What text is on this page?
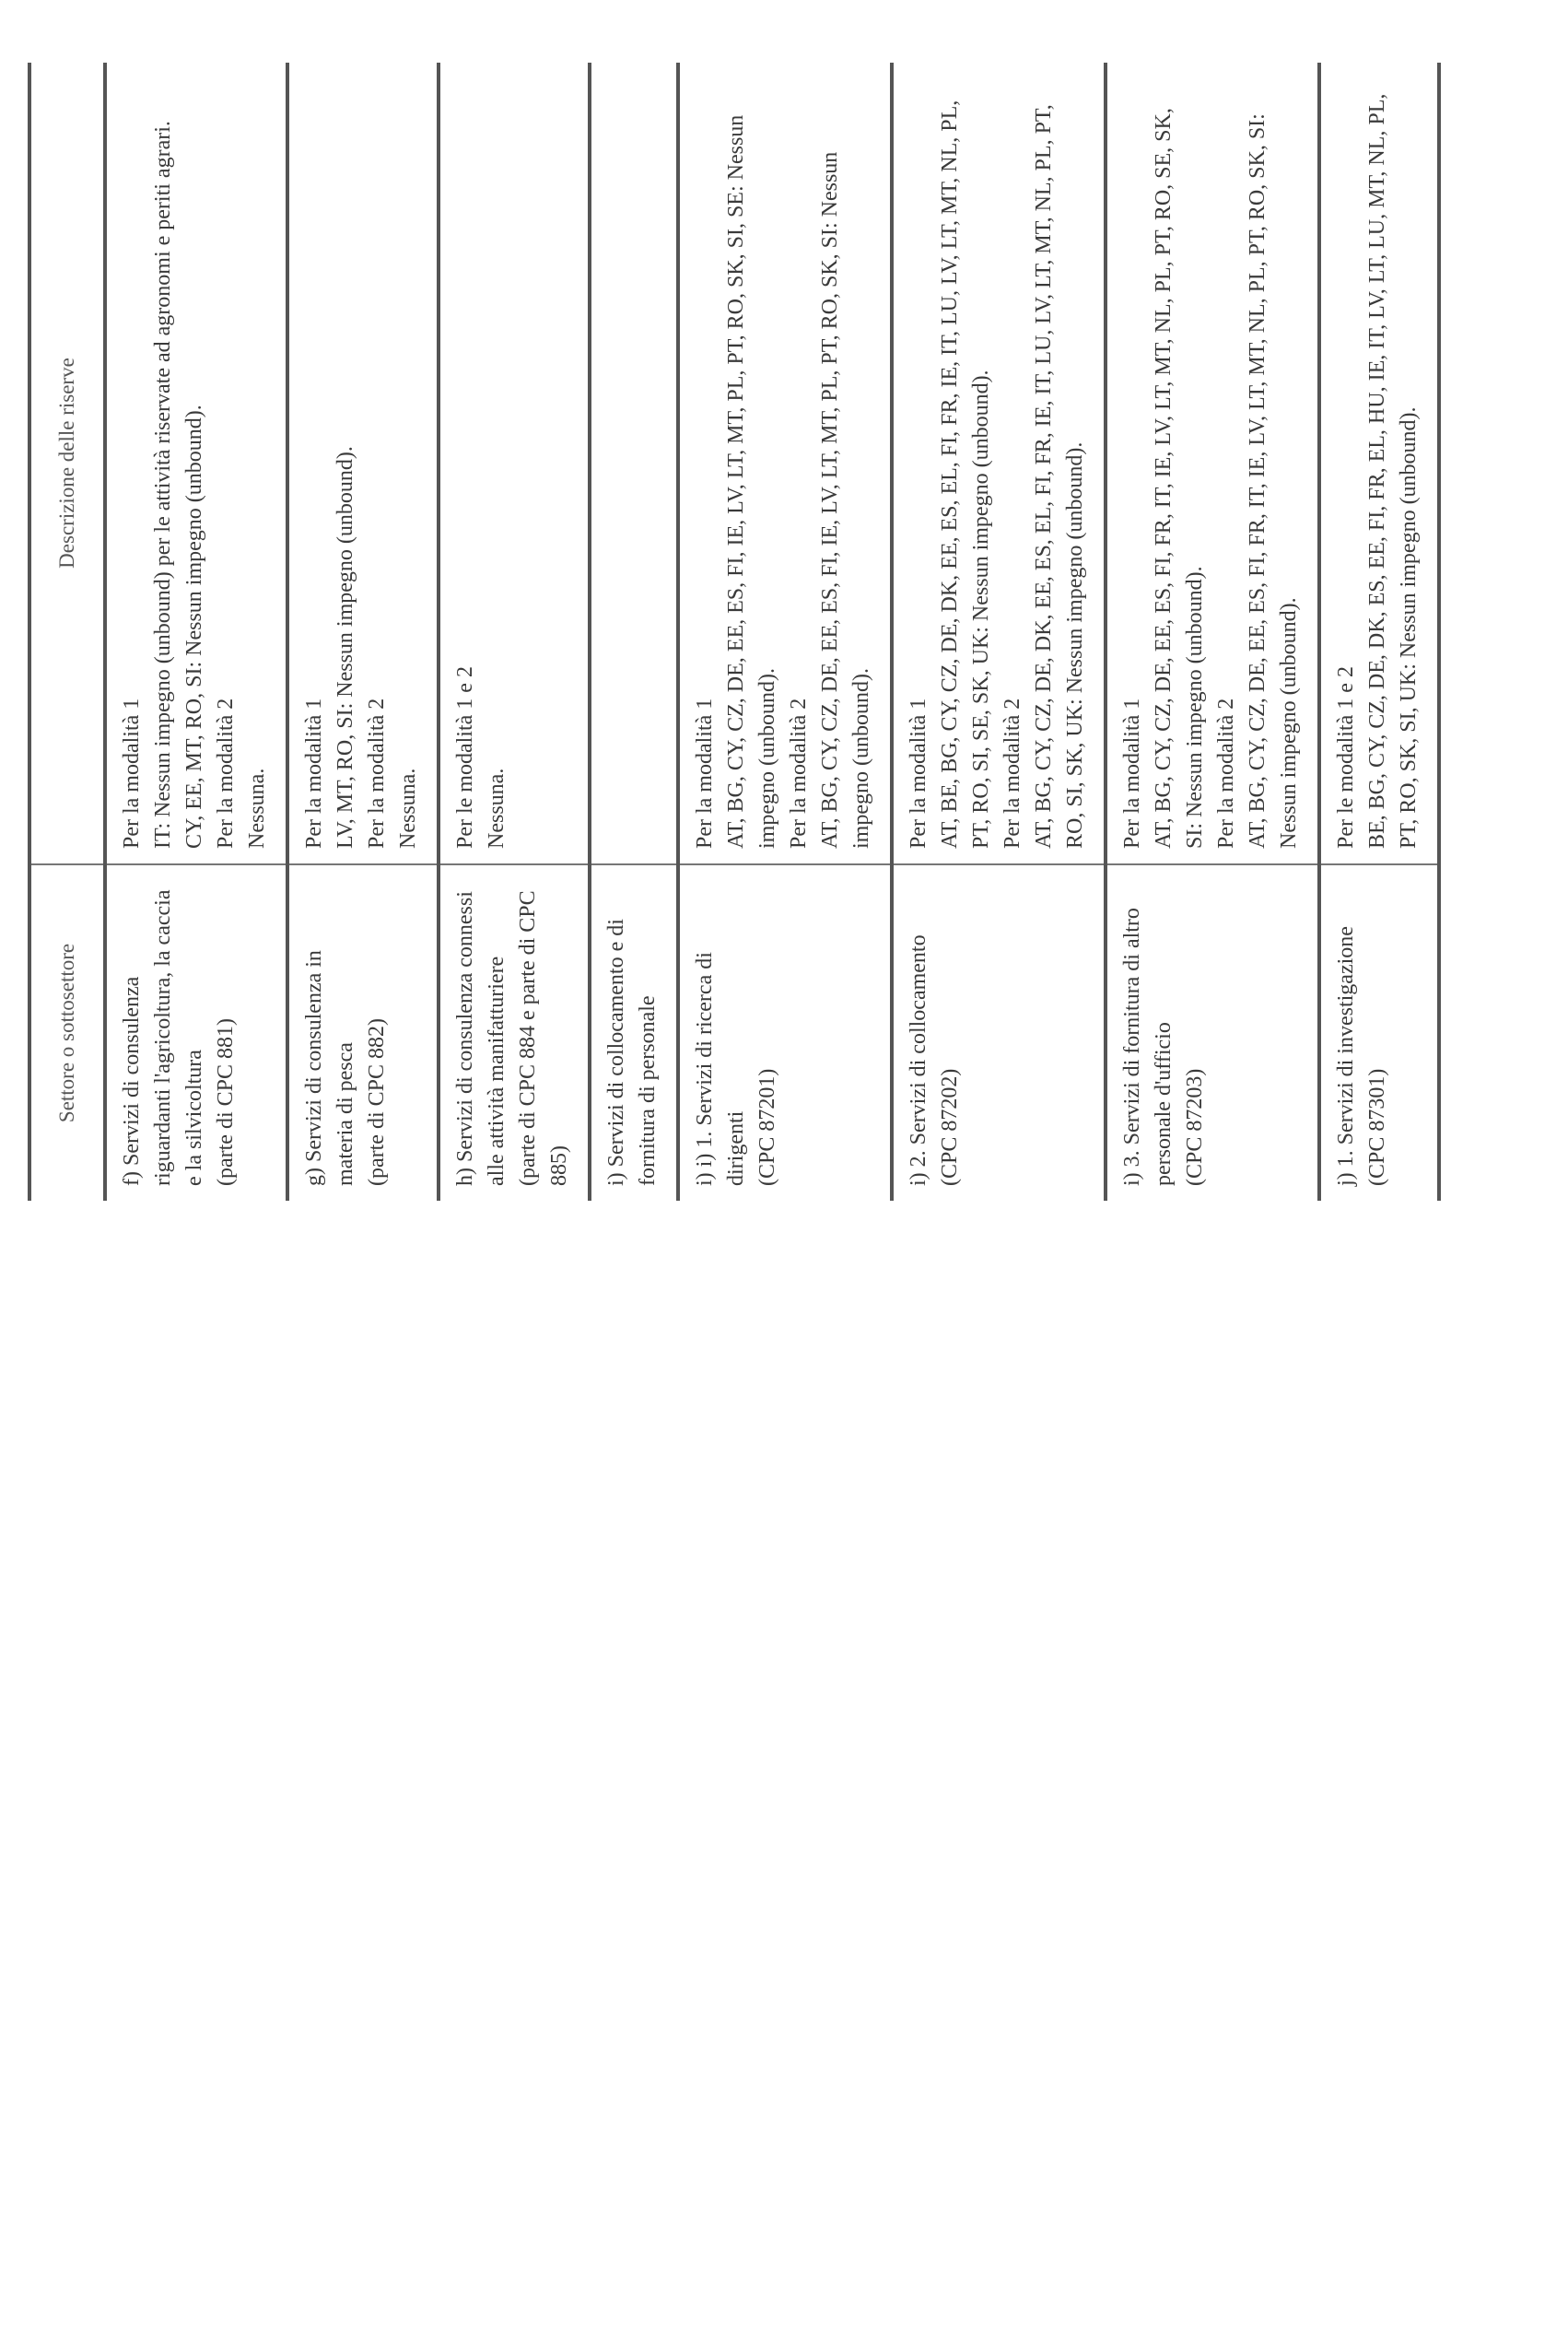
Settore o sottosettore	Descrizione delle riserve

f) Servizi di consulenza riguardanti l'agricoltura, la caccia e la silvicoltura (parte di CPC 881)	Per la modalità 1 IT: Nessun impegno (unbound) per le attività riservate ad agronomi e periti agrari. CY, EE, MT, RO, SI: Nessun impegno (unbound). Per la modalità 2 Nessuna.

g) Servizi di consulenza in materia di pesca (parte di CPC 882)	Per la modalità 1 LV, MT, RO, SI: Nessun impegno (unbound). Per la modalità 2 Nessuna.

h) Servizi di consulenza connessi alle attività manifatturiere (parte di CPC 884 e parte di CPC 885)	Per le modalità 1 e 2 Nessuna.

i) Servizi di collocamento e di fornitura di personale	

i) i) 1. Servizi di ricerca di dirigenti (CPC 87201)	Per la modalità 1 AT, BG, CY, CZ, DE, EE, ES, FI, IE, LV, LT, MT, PL, PT, RO, SK, SI, SE: Nessun impegno (unbound). Per la modalità 2 AT, BG, CY, CZ, DE, EE, ES, FI, IE, LV, LT, MT, PL, PT, RO, SK, SI: Nessun impegno (unbound).

i) 2. Servizi di collocamento (CPC 87202)	Per la modalità 1 AT, BE, BG, CY, CZ, DE, DK, EE, ES, EL, FI, FR, IE, IT, LU, LV, LT, MT, NL, PL, PT, RO, SI, SE, SK, UK: Nessun impegno (unbound). Per la modalità 2 AT, BG, CY, CZ, DE, DK, EE, ES, EL, FI, FR, IE, IT, LU, LV, LT, MT, NL, PL, PT, RO, SI, SK, UK: Nessun impegno (unbound).

i) 3. Servizi di fornitura di altro personale d'ufficio (CPC 87203)	Per la modalità 1 AT, BG, CY, CZ, DE, EE, ES, FI, FR, IT, IE, LV, LT, MT, NL, PL, PT, RO, SE, SK, SI: Nessun impegno (unbound). Per la modalità 2 AT, BG, CY, CZ, DE, EE, ES, FI, FR, IT, IE, LV, LT, MT, NL, PL, PT, RO, SK, SI: Nessun impegno (unbound).

j) 1. Servizi di investigazione (CPC 87301)	Per le modalità 1 e 2 BE, BG, CY, CZ, DE, DK, ES, EE, FI, FR, EL, HU, IE, IT, LV, LT, LU, MT, NL, PL, PT, RO, SK, SI, UK: Nessun impegno (unbound).
